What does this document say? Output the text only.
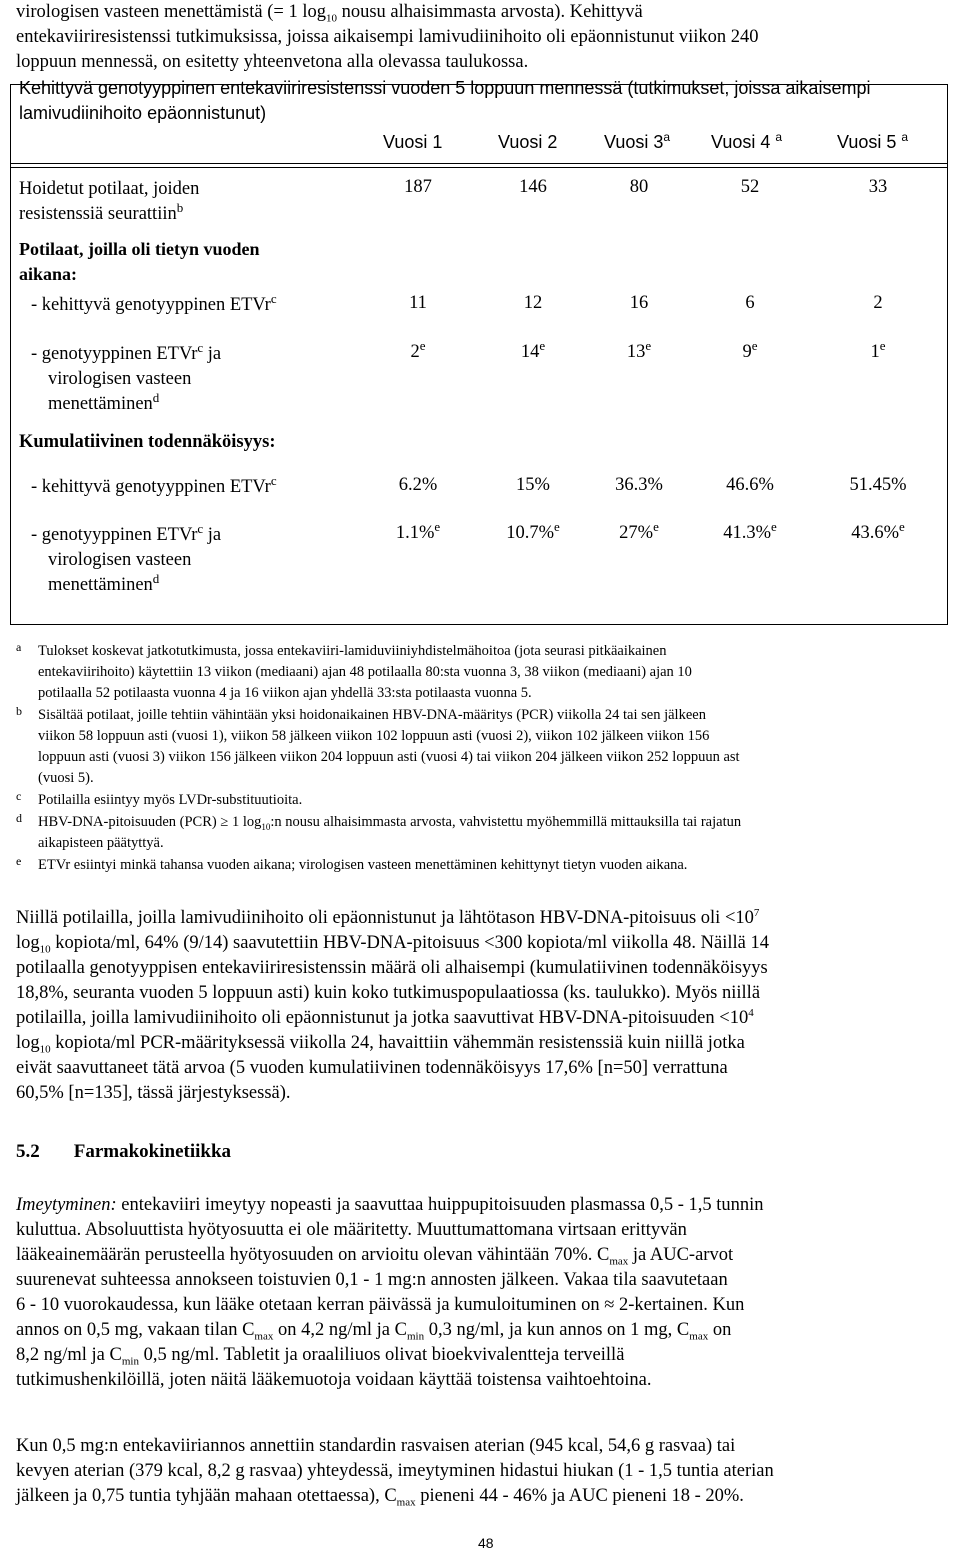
virologisen vasteen menettämistä (= 1 $\log_{10}$ nousu alhaisimmasta arvosta). Kehittyvä

entekaviiriresistenssi tutkimuksissa, joissa aikaisempi lamivudiinihoito oli epäonnistunut viikon 240

loppuun mennessä, on esitetty yhteenvetona alla olevassa taulukossa.

Kehittyvä genotyyppinen entekaviiriresistenssi vuoden 5 loppuun mennessä (tutkimukset, joissa aikaisempi lamivudiinihoito epäonnistunut)
Vuosi 1	Vuosi 2	Vuosi 3$^a$ Vuosi 4 $^a$	Vuosi 5 $^a$
Hoidetut potilaat, joiden
resistenssiä seurattiin$^b$
187	146	80	52	33
Potilaat, joilla oli tietyn vuoden
aikana:
- kehittyvä genotyyppinen ETVr$^c$	11	12	16	6	2
- genotyyppinen ETVr$^c$ ja
virologisen vasteen
menettäminen$^d$
2e	14e	13e	9e	1e
Kumulatiivinen todennäköisyys:
- kehittyvä genotyyppinen ETVr$^c$	6.2%	15%	36.3%	46.6%	51.45%
- genotyyppinen ETVr$^c$ ja
virologisen vasteen
menettäminen$^d$
1.1%$^e$	10.7%$^e$	27%$^e$	41.3%$^e$	43.6%$^e$
a Tulokset koskevat jatkotutkimusta, jossa entekaviiri-lamiduviiniyhdistelmähoitoa (jota seurasi pitkäaikainen
entekaviirihoito) käytettiin 13 viikon (mediaani) ajan 48 potilaalla 80:sta vuonna 3, 38 viikon (mediaani) ajan 10
potilaalla 52 potilaasta vuonna 4 ja 16 viikon ajan yhdellä 33:sta potilaasta vuonna 5.
b Sisältää potilaat, joille tehtiin vähintään yksi hoidonaikainen HBV-DNA-määritys (PCR) viikolla 24 tai sen jälkeen
viikon 58 loppuun asti (vuosi 1), viikon 58 jälkeen viikon 102 loppuun asti (vuosi 2), viikon 102 jälkeen viikon 156
loppuun asti (vuosi 3) viikon 156 jälkeen viikon 204 loppuun asti (vuosi 4) tai viikon 204 jälkeen viikon 252 loppuun ast
(vuosi 5).
c Potilailla esiintyy myös LVDr-substituutioita.
d HBV-DNA-pitoisuuden (PCR) ≥ 1 $\log_{10}:n$ nousu alhaisimmasta arvosta, vahvistettu myöhemmillä mittauksilla tai rajatun
aikapisteen päätyttyä.
e ETVr esiintyi minkä tahansa vuoden aikana; virologisen vasteen menettäminen kehittynyt tietyn vuoden aikana.

Niillä potilailla, joilla lamivudiinihoito oli epäonnistunut ja lähtötason HBV-DNA-pitoisuus oli $<10^7$

$\log_{10}$ kopiota/ml, 64% (9/14) saavutettiin HBV-DNA-pitoisuus <300 kopiota/ml viikolla 48. Näillä 14

potilaalla genotyyppisen entekaviiriresistenssin määrä oli alhaisempi (kumulatiivinen todennäköisyys

18,8%, seuranta vuoden 5 loppuun asti) kuin koko tutkimuspopulaatiossa (ks. taulukko). Myös niillä

potilailla, joilla lamivudiinihoito oli epäonnistunut ja jotka saavuttivat HBV-DNA-pitoisuuden $<10^4$

$\log_{10}$ kopiota/ml PCR-määrityksessä viikolla 24, havaittiin vähemmän resistenssiä kuin niillä jotka

eivät saavuttaneet tätä arvoa (5 vuoden kumulatiivinen todennäköisyys 17,6% [n=50] verrattuna

60,5% [n=135], tässä järjestyksessä).

5.2 Farmakokinetiikka

Imeytyminen: entekaviiri imeytyy nopeasti ja saavuttaa huippupitoisuuden plasmassa 0,5 - 1,5 tunnin

kuluttua. Absoluuttista hyötyosuutta ei ole määritetty. Muuttumattomana virtsaan erittyvän

lääkeainemäärän perusteella hyötyosuuden on arvioitu olevan vähintään 70%. $C_{max}$ ja AUC-arvot

suurenevat suhteessa annokseen toistuvien 0,1 - 1 mg:n annosten jälkeen. Vakaa tila saavutetaan

6 - 10 vuorokaudessa, kun lääke otetaan kerran päivässä ja kumuloituminen on ≈ 2-kertainen. Kun

annos on 0,5 mg, vakaan tilan $C_{max}$ on 4,2 ng/ml ja $C_{min}$ 0,3 ng/ml, ja kun annos on 1 mg, $C_{max}$ on

8,2 ng/ml ja $C_{min}$ 0,5 ng/ml. Tabletit ja oraaliliuos olivat bioekvivalentteja terveillä

tutkimushenkilöillä, joten näitä lääkemuotoja voidaan käyttää toistensa vaihtoehtoina.

Kun 0,5 mg:n entekaviiriannos annettiin standardin rasvaisen aterian (945 kcal, 54,6 g rasvaa) tai

kevyen aterian (379 kcal, 8,2 g rasvaa) yhteydessä, imeytyminen hidastui hiukan (1 - 1,5 tuntia aterian

jälkeen ja 0,75 tuntia tyhjään mahaan otettaessa), $C_{max}$ pieneni 44 - 46% ja AUC pieneni 18 - 20%.

48
